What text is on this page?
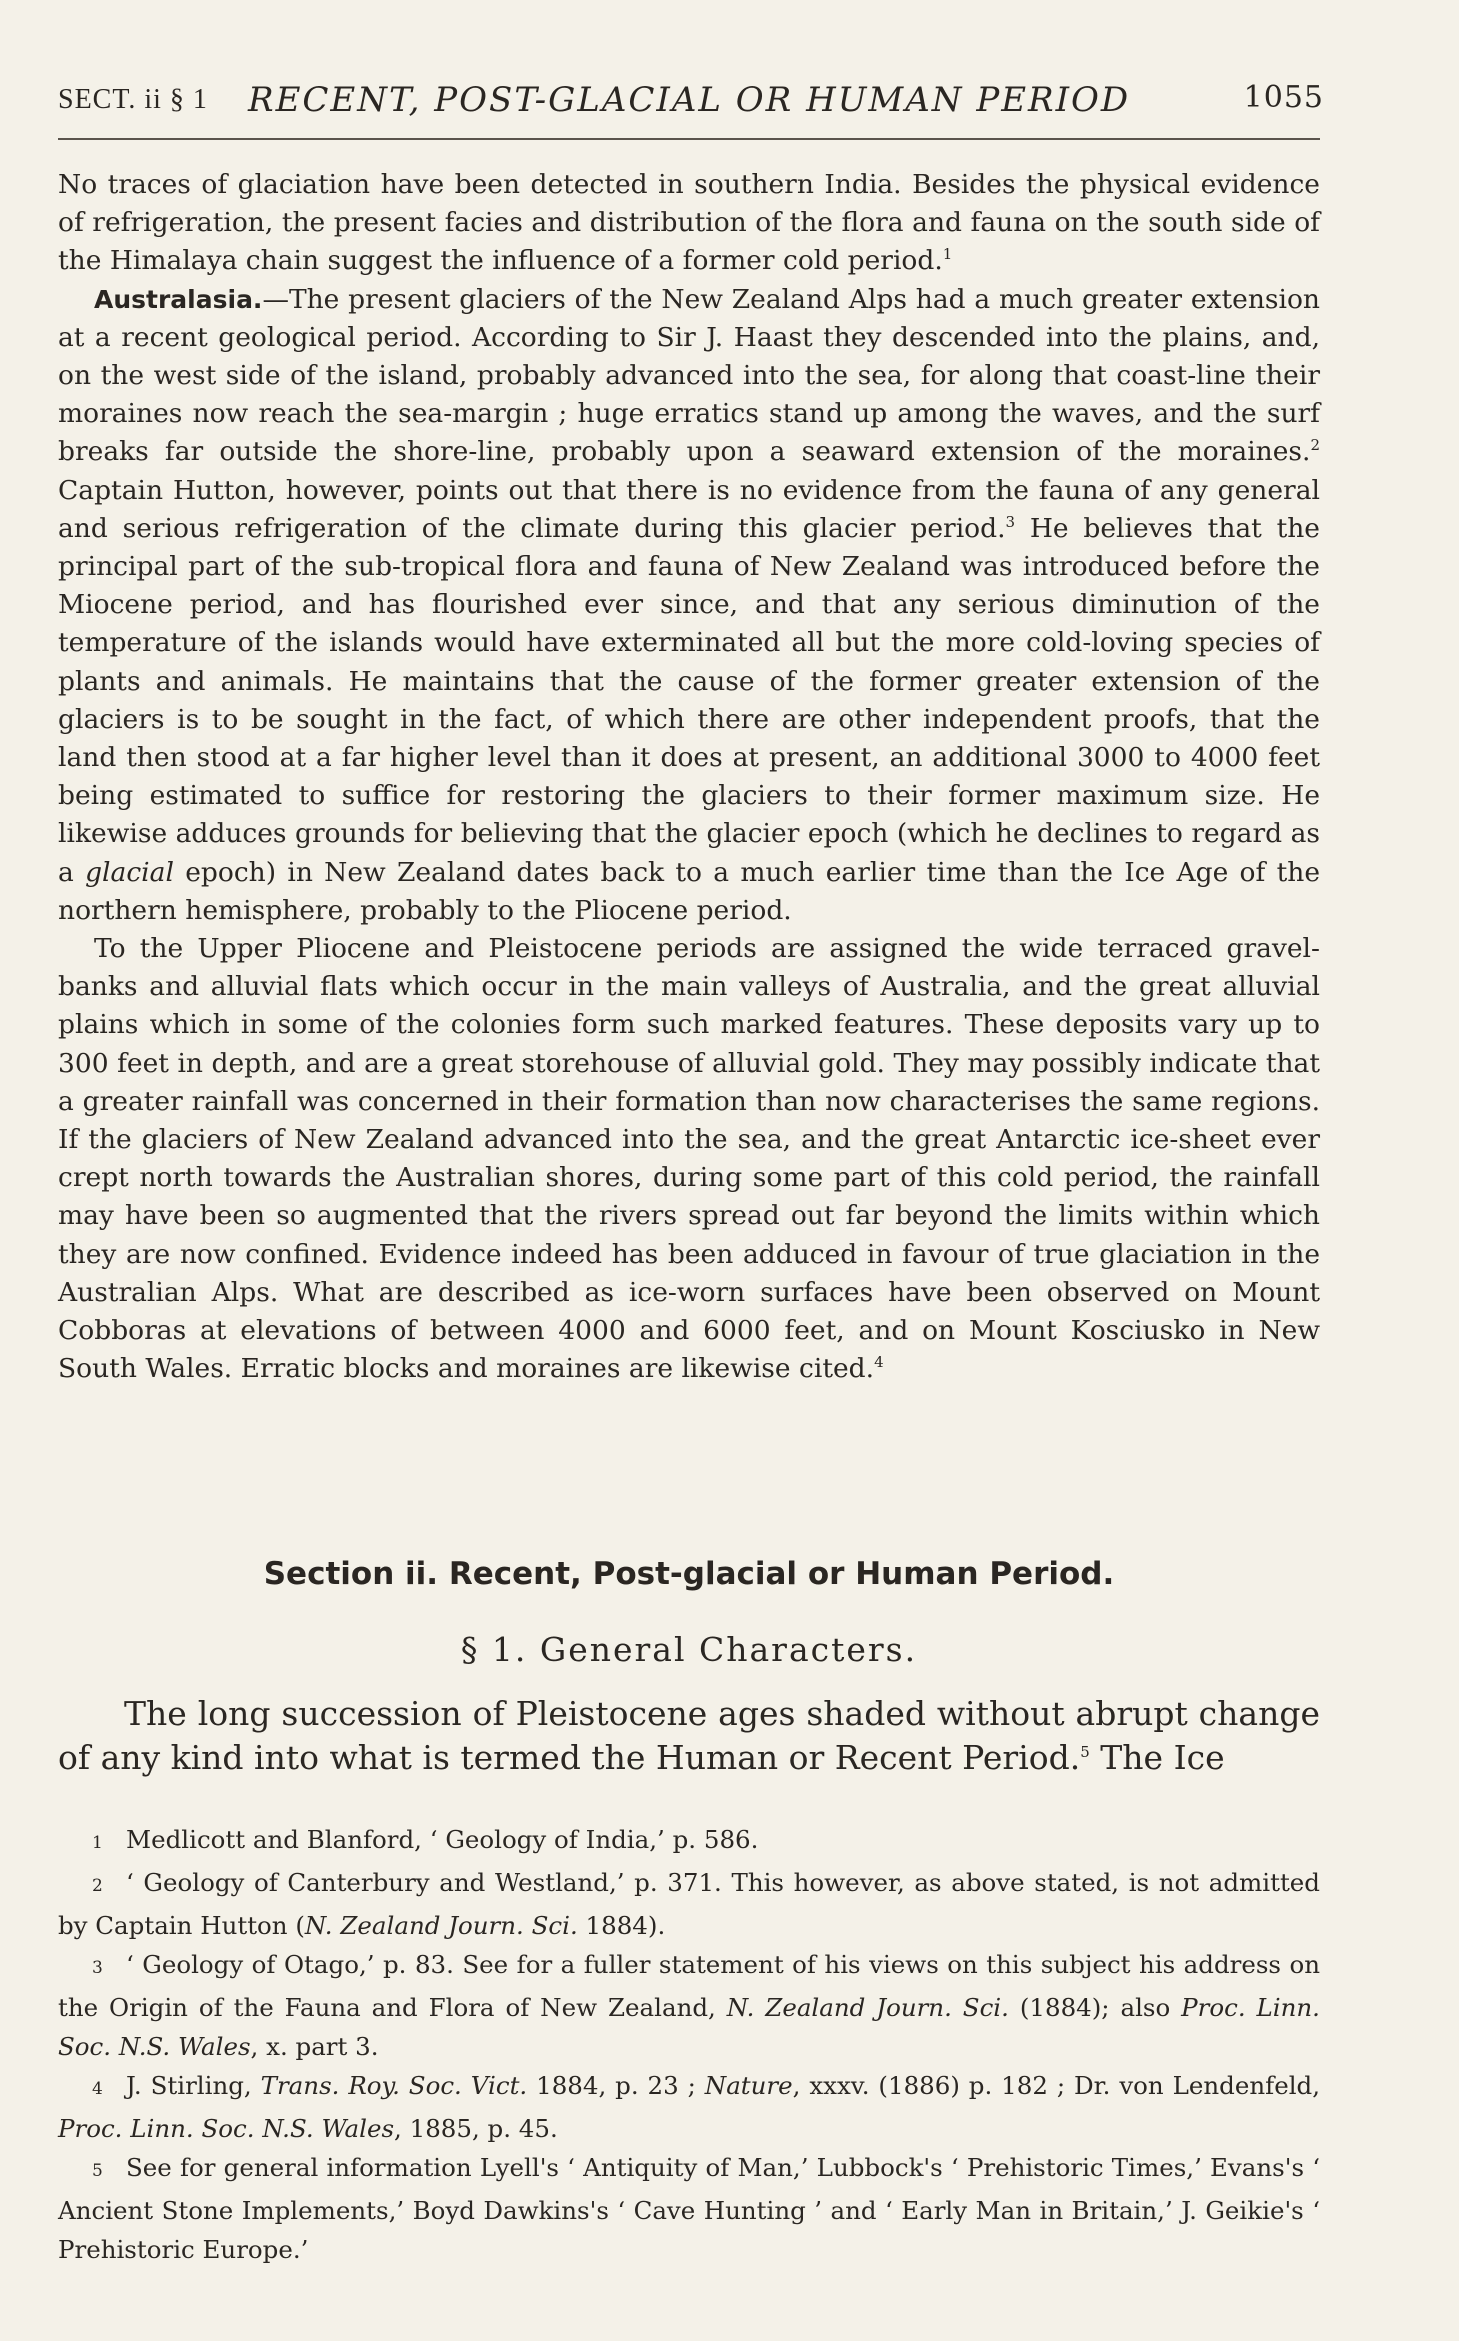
SECT. ii § 1 RECENT, POST-GLACIAL OR HUMAN PERIOD	1055

No traces of glaciation have been detected in southern India. Besides the physical evidence of refrigeration, the present facies and distribution of the flora and fauna on the south side of the Himalaya chain suggest the influence of a former cold period.$^1$

Australasia.—The present glaciers of the New Zealand Alps had a much greater extension at a recent geological period. According to Sir J. Haast they descended into the plains, and, on the west side of the island, probably advanced into the sea, for along that coast-line their moraines now reach the sea-margin ; huge erratics stand up among the waves, and the surf breaks far outside the shore-line, probably upon a seaward extension of the moraines.$^2$ Captain Hutton, however, points out that there is no evidence from the fauna of any general and serious refrigeration of the climate during this glacier period.$^3$ He believes that the principal part of the sub-tropical flora and fauna of New Zealand was introduced before the Miocene period, and has flourished ever since, and that any serious diminution of the temperature of the islands would have exterminated all but the more cold-loving species of plants and animals. He maintains that the cause of the former greater extension of the glaciers is to be sought in the fact, of which there are other independent proofs, that the land then stood at a far higher level than it does at present, an additional 3000 to 4000 feet being estimated to suffice for restoring the glaciers to their former maximum size. He likewise adduces grounds for believing that the glacier epoch (which he declines to regard as a glacial epoch) in New Zealand dates back to a much earlier time than the Ice Age of the northern hemisphere, probably to the Pliocene period.

To the Upper Pliocene and Pleistocene periods are assigned the wide terraced gravel-banks and alluvial flats which occur in the main valleys of Australia, and the great alluvial plains which in some of the colonies form such marked features. These deposits vary up to 300 feet in depth, and are a great storehouse of alluvial gold. They may possibly indicate that a greater rainfall was concerned in their formation than now characterises the same regions. If the glaciers of New Zealand advanced into the sea, and the great Antarctic ice-sheet ever crept north towards the Australian shores, during some part of this cold period, the rainfall may have been so augmented that the rivers spread out far beyond the limits within which they are now confined. Evidence indeed has been adduced in favour of true glaciation in the Australian Alps. What are described as ice-worn surfaces have been observed on Mount Cobboras at elevations of between 4000 and 6000 feet, and on Mount Kosciusko in New South Wales. Erratic blocks and moraines are likewise cited.$^4$

Section ii. Recent, Post-glacial or Human Period.
§ 1. General Characters.

The long succession of Pleistocene ages shaded without abrupt change of any kind into what is termed the Human or Recent Period.$^5$ The Ice

1 Medlicott and Blanford, ‘ Geology of India,’ p. 586.

2 ‘ Geology of Canterbury and Westland,’ p. 371. This however, as above stated, is not admitted by Captain Hutton (N. Zealand Journ. Sci. 1884).

3 ‘ Geology of Otago,’ p. 83. See for a fuller statement of his views on this subject his address on the Origin of the Fauna and Flora of New Zealand, N. Zealand Journ. Sci. (1884); also Proc. Linn. Soc. N.S. Wales, x. part 3.

4 J. Stirling, Trans. Roy. Soc. Vict. 1884, p. 23 ; Nature, xxxv. (1886) p. 182 ; Dr. von Lendenfeld, Proc. Linn. Soc. N.S. Wales, 1885, p. 45.

5 See for general information Lyell's ‘ Antiquity of Man,’ Lubbock's ‘ Prehistoric Times,’ Evans's ‘ Ancient Stone Implements,’ Boyd Dawkins's ‘ Cave Hunting ’ and ‘ Early Man in Britain,’ J. Geikie's ‘ Prehistoric Europe.’
